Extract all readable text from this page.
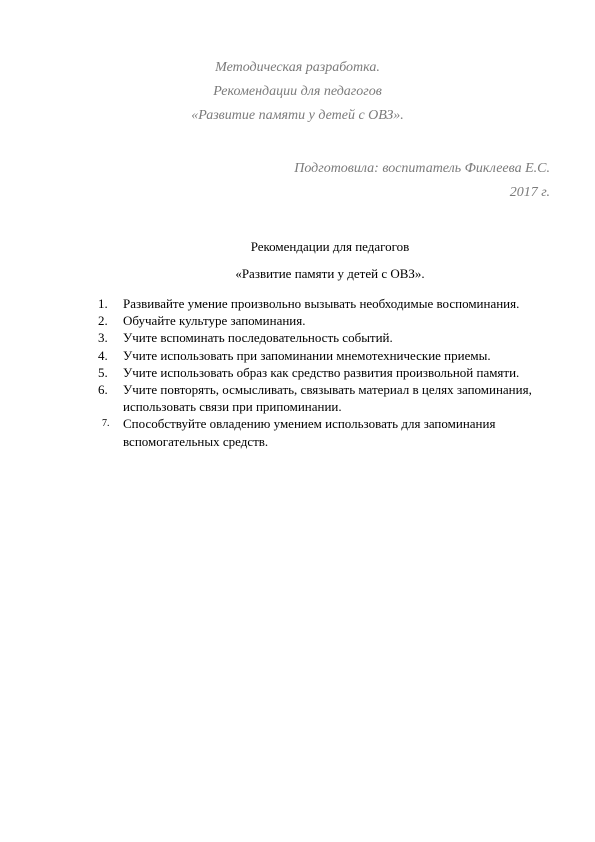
Методическая разработка.
Рекомендации для педагогов
«Развитие памяти у детей с ОВЗ».
Подготовила: воспитатель Фиклеева Е.С.
2017 г.
Рекомендации для педагогов
«Развитие памяти у детей с ОВЗ».
1.	Развивайте умение произвольно вызывать необходимые воспоминания.
2.	Обучайте культуре запоминания.
3.	Учите вспоминать последовательность событий.
4.	Учите использовать при запоминании мнемотехнические приемы.
5.	Учите использовать образ как средство развития произвольной памяти.
6.	Учите повторять, осмысливать, связывать материал в целях запоминания, использовать связи при припоминании.
7.	Способствуйте овладению умением использовать для запоминания вспомогательных средств.
